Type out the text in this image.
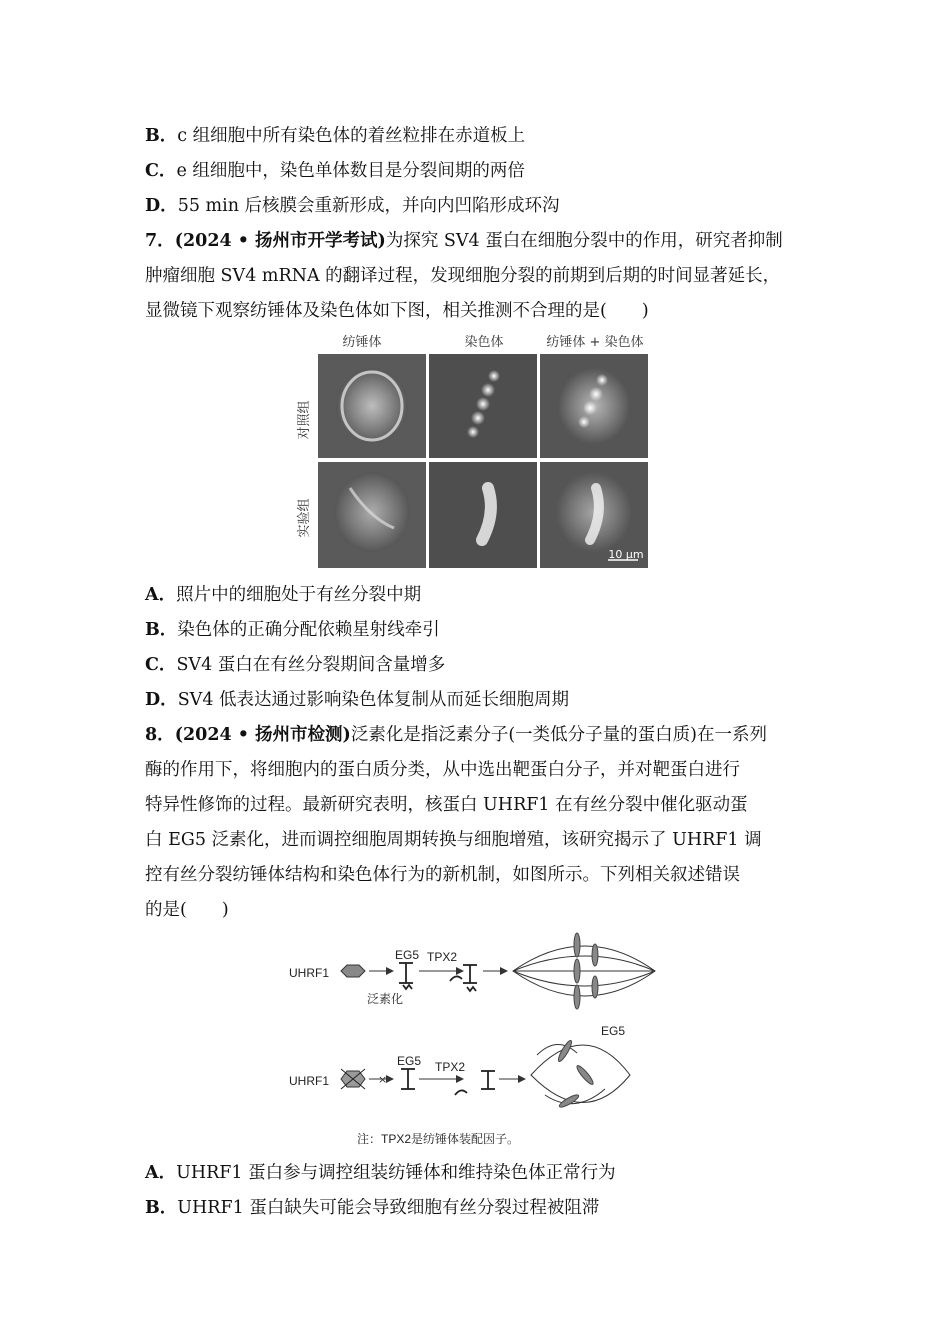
B．c 组细胞中所有染色体的着丝粒排在赤道板上
C．e 组细胞中，染色单体数目是分裂间期的两倍
D．55 min 后核膜会重新形成，并向内凹陷形成环沟
7．(2024 • 扬州市开学考试)为探究 SV4 蛋白在细胞分裂中的作用，研究者抑制
肿瘤细胞 SV4 mRNA 的翻译过程，发现细胞分裂的前期到后期的时间显著延长，
显微镜下观察纺锤体及染色体如下图，相关推测不合理的是(　　)
纺锤体	染色体	纺锤体 + 染色体
对照组
实验组
10 μm
A．照片中的细胞处于有丝分裂中期
B．染色体的正确分配依赖星射线牵引
C．SV4 蛋白在有丝分裂期间含量增多
D．SV4 低表达通过影响染色体复制从而延长细胞周期
8．(2024 • 扬州市检测)泛素化是指泛素分子(一类低分子量的蛋白质)在一系列
酶的作用下，将细胞内的蛋白质分类，从中选出靶蛋白分子，并对靶蛋白进行
特异性修饰的过程。最新研究表明，核蛋白 UHRF1 在有丝分裂中催化驱动蛋
白 EG5 泛素化，进而调控细胞周期转换与细胞增殖，该研究揭示了 UHRF1 调
控有丝分裂纺锤体结构和染色体行为的新机制，如图所示。下列相关叙述错误
的是(　　)
UHRF1
EG5
泛素化
TPX2
UHRF1	×
EG5 TPX2
EG5
注：TPX2是纺锤体装配因子。
A．UHRF1 蛋白参与调控组装纺锤体和维持染色体正常行为
B．UHRF1 蛋白缺失可能会导致细胞有丝分裂过程被阻滞
